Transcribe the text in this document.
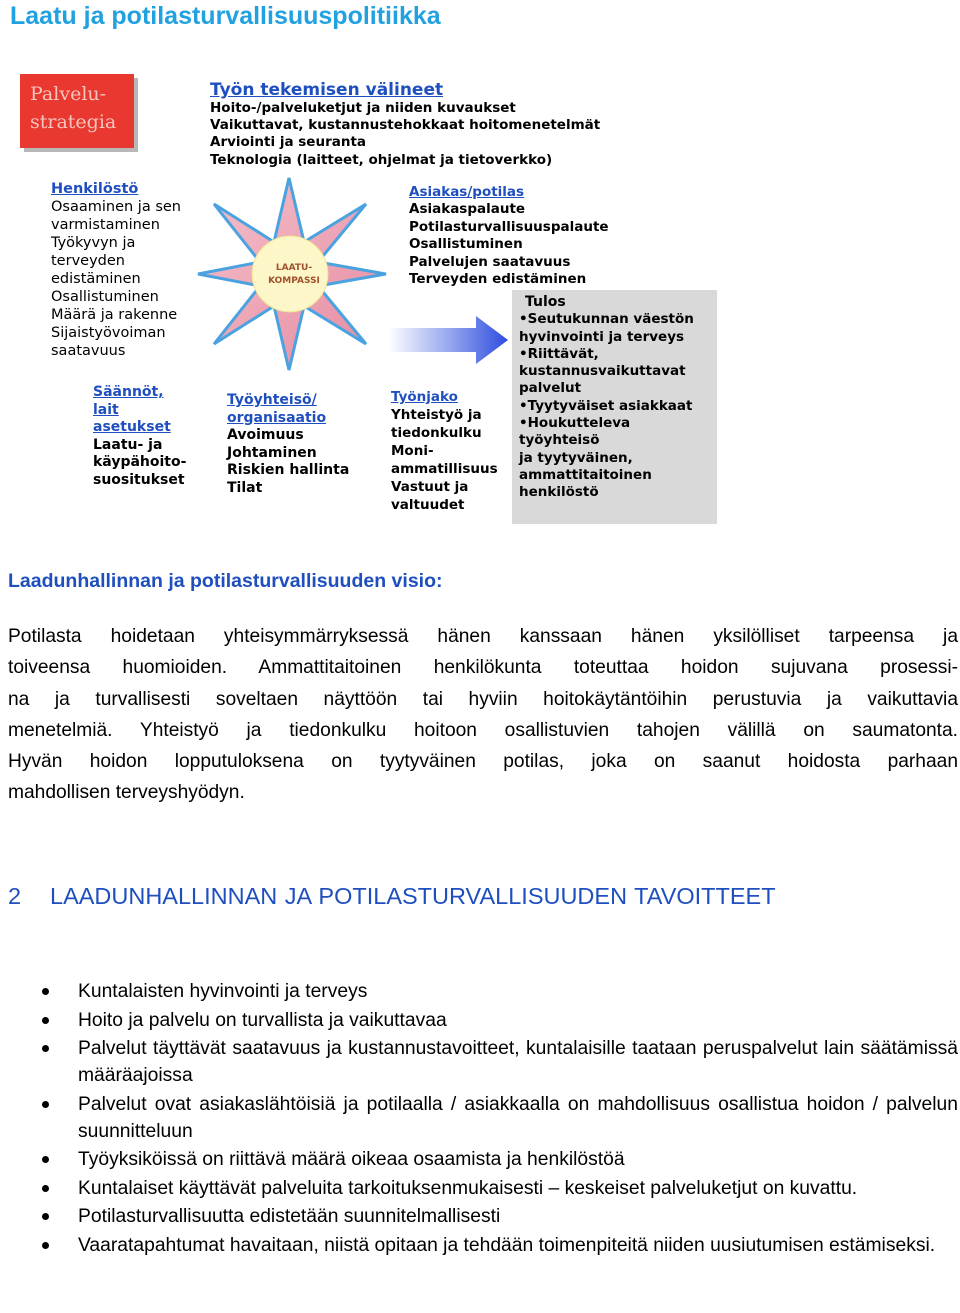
Laatu ja potilasturvallisuuspolitiikka
Palvelu-
strategia
LAATU-
KOMPASSI
Työn tekemisen välineet
Hoito-/palveluketjut ja niiden kuvaukset
Vaikuttavat, kustannustehokkaat hoitomenetelmät
Arviointi ja seuranta
Teknologia (laitteet, ohjelmat ja tietoverkko)
Henkilöstö
Osaaminen ja sen
varmistaminen
Työkyvyn ja
terveyden
edistäminen
Osallistuminen
Määrä ja rakenne
Sijaistyövoiman
saatavuus
Säännöt,
lait
asetukset
Laatu- ja
käypähoito-
suositukset
Työyhteisö/
organisaatio
Avoimuus
Johtaminen
Riskien hallinta
Tilat
Asiakas/potilas
Asiakaspalaute
Potilasturvallisuuspalaute
Osallistuminen
Palvelujen saatavuus
Terveyden edistäminen
Työnjako
Yhteistyö ja
tiedonkulku
Moni-
ammatillisuus
Vastuut ja
valtuudet
Tulos
•Seutukunnan väestön
hyvinvointi ja terveys
•Riittävät,
kustannusvaikuttavat
palvelut
•Tyytyväiset asiakkaat
•Houkutteleva
työyhteisö
ja tyytyväinen,
ammattitaitoinen
henkilöstö
Laadunhallinnan ja potilasturvallisuuden visio:
Potilasta hoidetaan yhteisymmärryksessä hänen kanssaan hänen yksilölliset tarpeensa ja
toiveensa huomioiden. Ammattitaitoinen henkilökunta toteuttaa hoidon sujuvana prosessi-
na ja turvallisesti soveltaen näyttöön tai hyviin hoitokäytäntöihin perustuvia ja vaikuttavia
menetelmiä. Yhteistyö ja tiedonkulku hoitoon osallistuvien tahojen välillä on saumatonta.
Hyvän hoidon lopputuloksena on tyytyväinen potilas, joka on saanut hoidosta parhaan
mahdollisen terveyshyödyn.
2 LAADUNHALLINNAN JA POTILASTURVALLISUUDEN TAVOITTEET
Kuntalaisten hyvinvointi ja terveys
Hoito ja palvelu on turvallista ja vaikuttavaa
Palvelut täyttävät saatavuus ja kustannustavoitteet, kuntalaisille taataan peruspalvelut lain säätämissä määräajoissa
Palvelut ovat asiakaslähtöisiä ja potilaalla / asiakkaalla on mahdollisuus osallistua hoidon / palvelun suunnitteluun
Työyksiköissä on riittävä määrä oikeaa osaamista ja henkilöstöä
Kuntalaiset käyttävät palveluita tarkoituksenmukaisesti – keskeiset palveluketjut on kuvattu.
Potilasturvallisuutta edistetään suunnitelmallisesti
Vaaratapahtumat havaitaan, niistä opitaan ja tehdään toimenpiteitä niiden uusiutumisen estämiseksi.
